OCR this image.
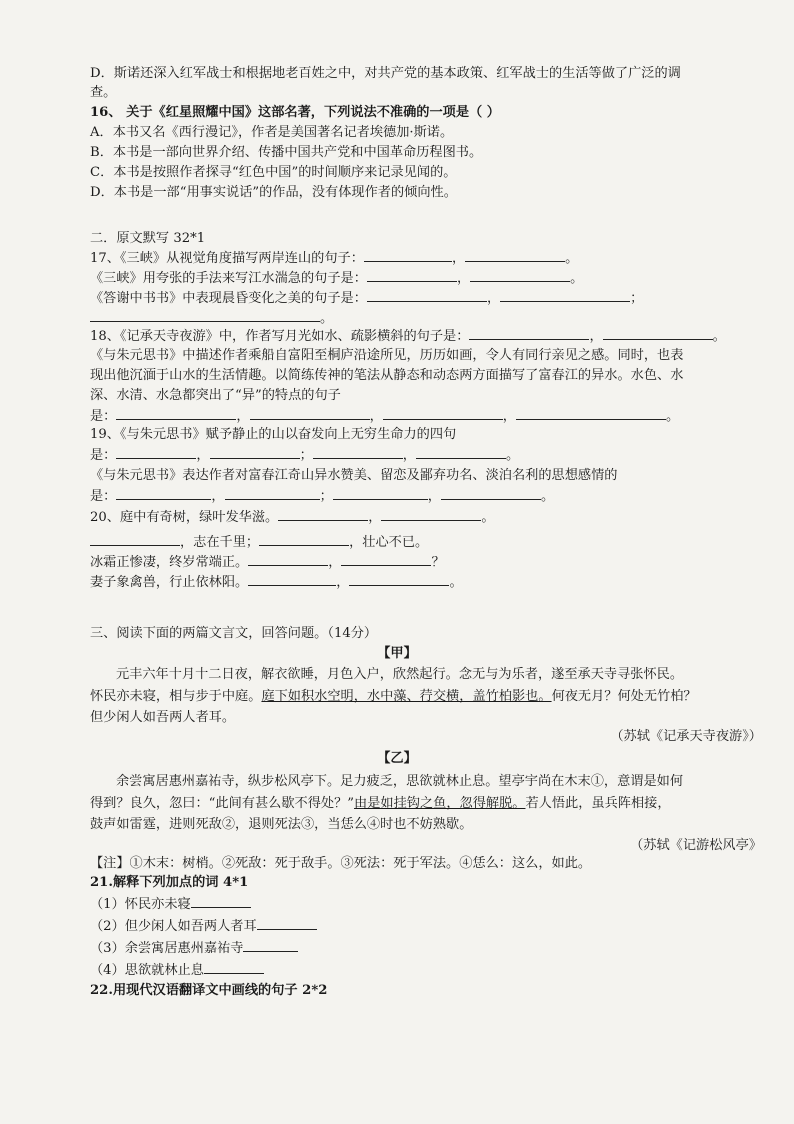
D．斯诺还深入红军战士和根据地老百姓之中，对共产党的基本政策、红军战士的生活等做了广泛的调
查。
16、 关于《红星照耀中国》这部名著，下列说法不准确的一项是（ ）
A．本书又名《西行漫记》，作者是美国著名记者埃德加·斯诺。
B．本书是一部向世界介绍、传播中国共产党和中国革命历程图书。
C．本书是按照作者探寻“红色中国”的时间顺序来记录见闻的。
D．本书是一部“用事实说话”的作品，没有体现作者的倾向性。
二．原文默写 32*1
17、《三峡》从视觉角度描写两岸连山的句子：	，	。
《三峡》用夸张的手法来写江水湍急的句子是：	，	。
《答谢中书书》中表现晨昏变化之美的句子是：	，	；
。
18、《记承天寺夜游》中，作者写月光如水、疏影横斜的句子是：	，	。
《与朱元思书》中描述作者乘船自富阳至桐庐沿途所见，历历如画，令人有同行亲见之感。同时，也表
现出他沉湎于山水的生活情趣。以简练传神的笔法从静态和动态两方面描写了富春江的异水。水色、水
深、水清、水急都突出了“异”的特点的句子
是：	，	，	，	。
19、《与朱元思书》赋予静止的山以奋发向上无穷生命力的四句
是：	，	；	，	。
《与朱元思书》表达作者对富春江奇山异水赞美、留恋及鄙弃功名、淡泊名利的思想感情的
是：	，	；	，	。
20、庭中有奇树，绿叶发华滋。	，	。
，志在千里；	，壮心不已。
冰霜正惨凄，终岁常端正。	，	？
妻子象禽兽，行止依林阳。	，	。
三、阅读下面的两篇文言文，回答问题。（14分）
【甲】
元丰六年十月十二日夜，解衣欲睡，月色入户，欣然起行。念无与为乐者，遂至承天寺寻张怀民。
怀民亦未寝，相与步于中庭。庭下如积水空明，水中藻、荇交横，盖竹柏影也。何夜无月？何处无竹柏？
但少闲人如吾两人者耳。
（苏轼《记承天寺夜游》）
【乙】
余尝寓居惠州嘉祐寺，纵步松风亭下。足力疲乏，思欲就林止息。望亭宇尚在木末①，意谓是如何
得到？良久，忽曰：“此间有甚么歇不得处？”由是如挂钩之鱼，忽得解脱。若人悟此，虽兵阵相接，
鼓声如雷霆，进则死敌②，退则死法③，当恁么④时也不妨熟歇。
（苏轼《记游松风亭》
【注】①木末：树梢。②死敌：死于敌手。③死法：死于军法。④恁么：这么，如此。
21.解释下列加点的词 4*1
（1）怀民亦未寝
（2）但少闲人如吾两人者耳
（3）余尝寓居惠州嘉祐寺
（4）思欲就林止息
22.用现代汉语翻译文中画线的句子 2*2
